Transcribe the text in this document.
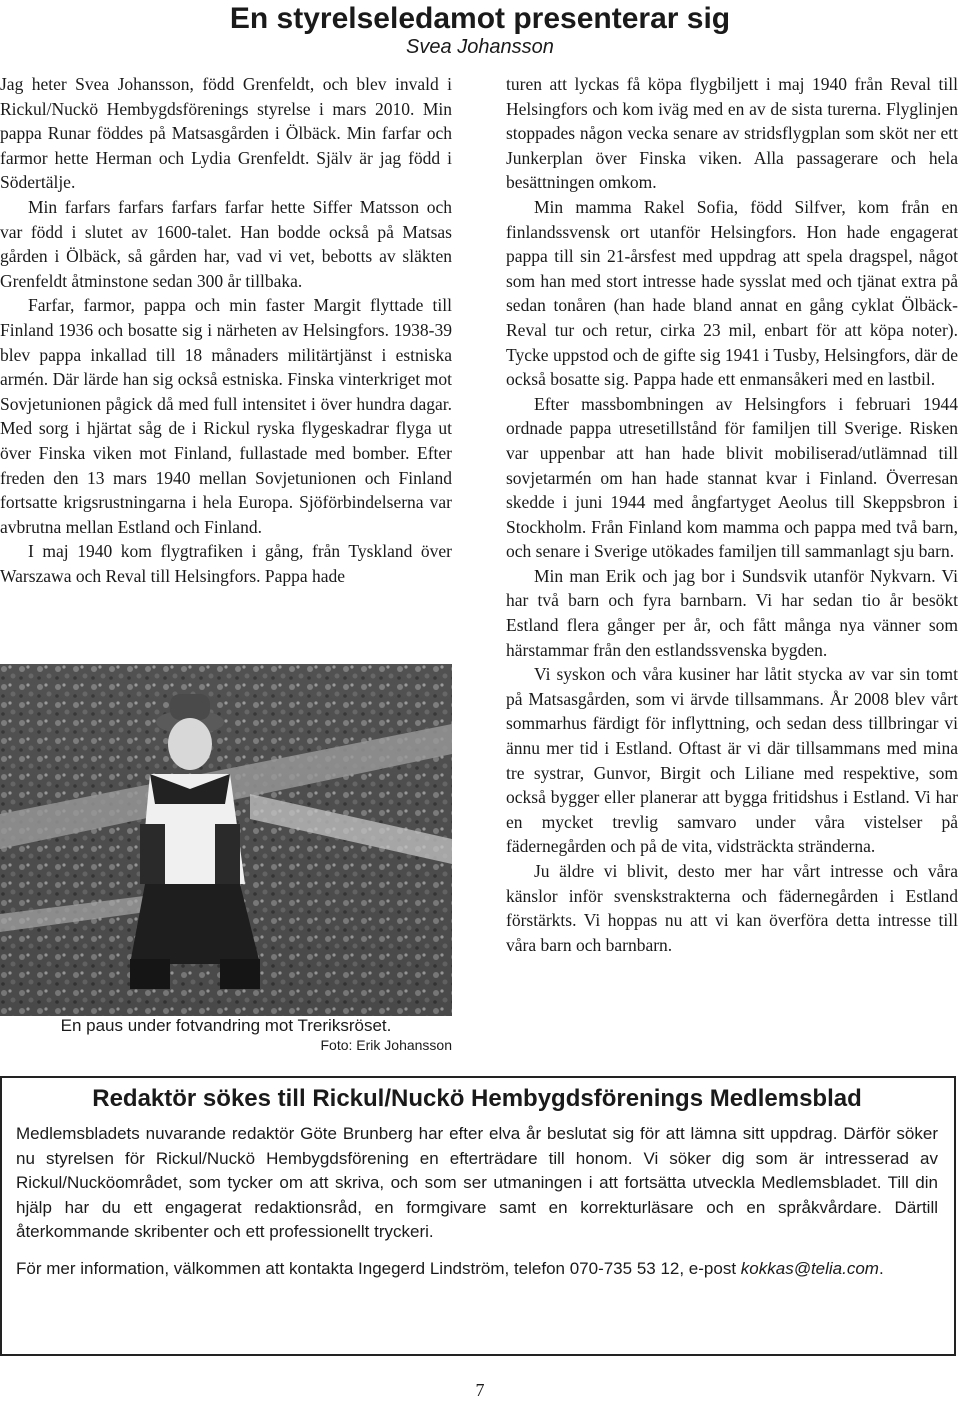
En styrelseledamot presenterar sig

Svea Johansson

Jag heter Svea Johansson, född Grenfeldt, och blev invald i Rickul/Nuckö Hembygdsförenings styrelse i mars 2010. Min pappa Runar föddes på Matsasgården i Ölbäck. Min farfar och farmor hette Herman och Lydia Grenfeldt. Själv är jag född i Södertälje.

Min farfars farfars farfars farfar hette Siffer Matsson och var född i slutet av 1600-talet. Han bodde också på Matsas gården i Ölbäck, så gården har, vad vi vet, bebotts av släkten Grenfeldt åtminstone sedan 300 år tillbaka.

Farfar, farmor, pappa och min faster Margit flyttade till Finland 1936 och bosatte sig i närheten av Helsingfors. 1938-39 blev pappa inkallad till 18 månaders militärtjänst i estniska armén. Där lärde han sig också estniska. Finska vinterkriget mot Sovjetunionen pågick då med full intensitet i över hundra dagar. Med sorg i hjärtat såg de i Rickul ryska flygeskadrar flyga ut över Finska viken mot Finland, fullastade med bomber. Efter freden den 13 mars 1940 mellan Sovjetunionen och Finland fortsatte krigsrustningarna i hela Europa. Sjöförbindelserna var avbrutna mellan Estland och Finland.

I maj 1940 kom flygtrafiken i gång, från Tyskland över Warszawa och Reval till Helsingfors. Pappa hade

En paus under fotvandring mot Treriksröset.
Foto: Erik Johansson

turen att lyckas få köpa flygbiljett i maj 1940 från Reval till Helsingfors och kom iväg med en av de sista turerna. Flyglinjen stoppades någon vecka senare av stridsflygplan som sköt ner ett Junkerplan över Finska viken. Alla passagerare och hela besättningen omkom.

Min mamma Rakel Sofia, född Silfver, kom från en finlandssvensk ort utanför Helsingfors. Hon hade engagerat pappa till sin 21-årsfest med uppdrag att spela dragspel, något som han med stort intresse hade sysslat med och tjänat extra på sedan tonåren (han hade bland annat en gång cyklat Ölbäck-Reval tur och retur, cirka 23 mil, enbart för att köpa noter). Tycke uppstod och de gifte sig 1941 i Tusby, Helsingfors, där de också bosatte sig. Pappa hade ett enmansåkeri med en lastbil.

Efter massbombningen av Helsingfors i februari 1944 ordnade pappa utresetillstånd för familjen till Sverige. Risken var uppenbar att han hade blivit mobiliserad/utlämnad till sovjetarmén om han hade stannat kvar i Finland. Överresan skedde i juni 1944 med ångfartyget Aeolus till Skeppsbron i Stockholm. Från Finland kom mamma och pappa med två barn, och senare i Sverige utökades familjen till sammanlagt sju barn.

Min man Erik och jag bor i Sundsvik utanför Nykvarn. Vi har två barn och fyra barnbarn. Vi har sedan tio år besökt Estland flera gånger per år, och fått många nya vänner som härstammar från den estlandssvenska bygden.

Vi syskon och våra kusiner har låtit stycka av var sin tomt på Matsasgården, som vi ärvde tillsammans. År 2008 blev vårt sommarhus färdigt för inflyttning, och sedan dess tillbringar vi ännu mer tid i Estland. Oftast är vi där tillsammans med mina tre systrar, Gunvor, Birgit och Liliane med respektive, som också bygger eller planerar att bygga fritidshus i Estland. Vi har en mycket trevlig samvaro under våra vistelser på fädernegården och på de vita, vidsträckta stränderna.

Ju äldre vi blivit, desto mer har vårt intresse och våra känslor inför svenskstrakterna och fädernegården i Estland förstärkts. Vi hoppas nu att vi kan överföra detta intresse till våra barn och barnbarn.

Redaktör sökes till Rickul/Nuckö Hembygdsförenings Medlemsblad

Medlemsbladets nuvarande redaktör Göte Brunberg har efter elva år beslutat sig för att lämna sitt uppdrag. Därför söker nu styrelsen för Rickul/Nuckö Hembygdsförening en efterträdare till honom. Vi söker dig som är intresserad av Rickul/Nucköområdet, som tycker om att skriva, och som ser utmaningen i att fortsätta utveckla Medlemsbladet. Till din hjälp har du ett engagerat redaktionsråd, en formgivare samt en korrekturläsare och en språkvårdare. Därtill återkommande skribenter och ett professionellt tryckeri.

För mer information, välkommen att kontakta Ingegerd Lindström, telefon 070-735 53 12, e-post kokkas@telia.com.

7
